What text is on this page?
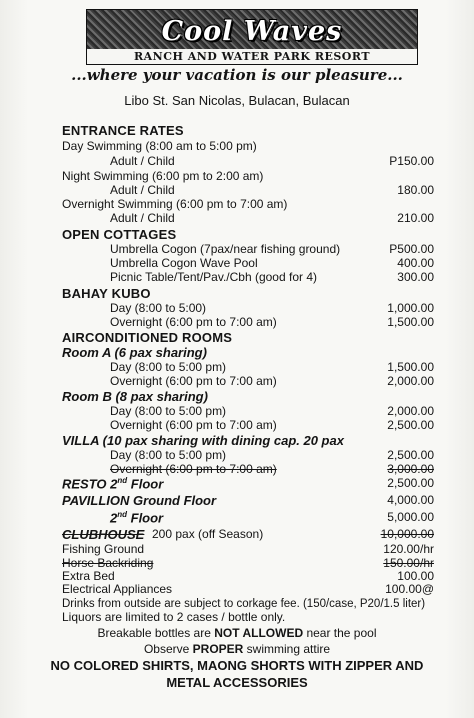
Cool Waves
RANCH AND WATER PARK RESORT
...where your vacation is our pleasure...
Libo St. San Nicolas, Bulacan, Bulacan
ENTRANCE RATES
Day Swimming (8:00 am to 5:00 pm)
Adult / Child	P150.00
Night Swimming (6:00 pm to 2:00 am)
Adult / Child	180.00
Overnight Swimming (6:00 pm to 7:00 am)
Adult / Child	210.00
OPEN COTTAGES
Umbrella Cogon (7pax/near fishing ground)	P500.00
Umbrella Cogon Wave Pool	400.00
Picnic Table/Tent/Pav./Cbh (good for 4)	300.00
BAHAY KUBO
Day (8:00 to 5:00)	1,000.00
Overnight (6:00 pm to 7:00 am)	1,500.00
AIRCONDITIONED ROOMS
Room A (6 pax sharing)
Day (8:00 to 5:00 pm)	1,500.00
Overnight (6:00 pm to 7:00 am)	2,000.00
Room B (8 pax sharing)
Day (8:00 to 5:00 pm)	2,000.00
Overnight (6:00 pm to 7:00 am)	2,500.00
VILLA (10 pax sharing with dining cap. 20 pax
Day (8:00 to 5:00 pm)	2,500.00
Overnight (6:00 pm to 7:00 am)	3,000.00
RESTO 2nd Floor	2,500.00
PAVILLION Ground Floor	4,000.00
2nd Floor	5,000.00
CLUBHOUSE 200 pax (off Season)	10,000.00
Fishing Ground	120.00/hr
Horse Backriding	150.00/hr
Extra Bed	100.00
Electrical Appliances	100.00@
Drinks from outside are subject to corkage fee. (150/case, P20/1.5 liter)
Liquors are limited to 2 cases / bottle only.
Breakable bottles are NOT ALLOWED near the pool
Observe PROPER swimming attire
NO COLORED SHIRTS, MAONG SHORTS WITH ZIPPER AND
METAL ACCESSORIES
